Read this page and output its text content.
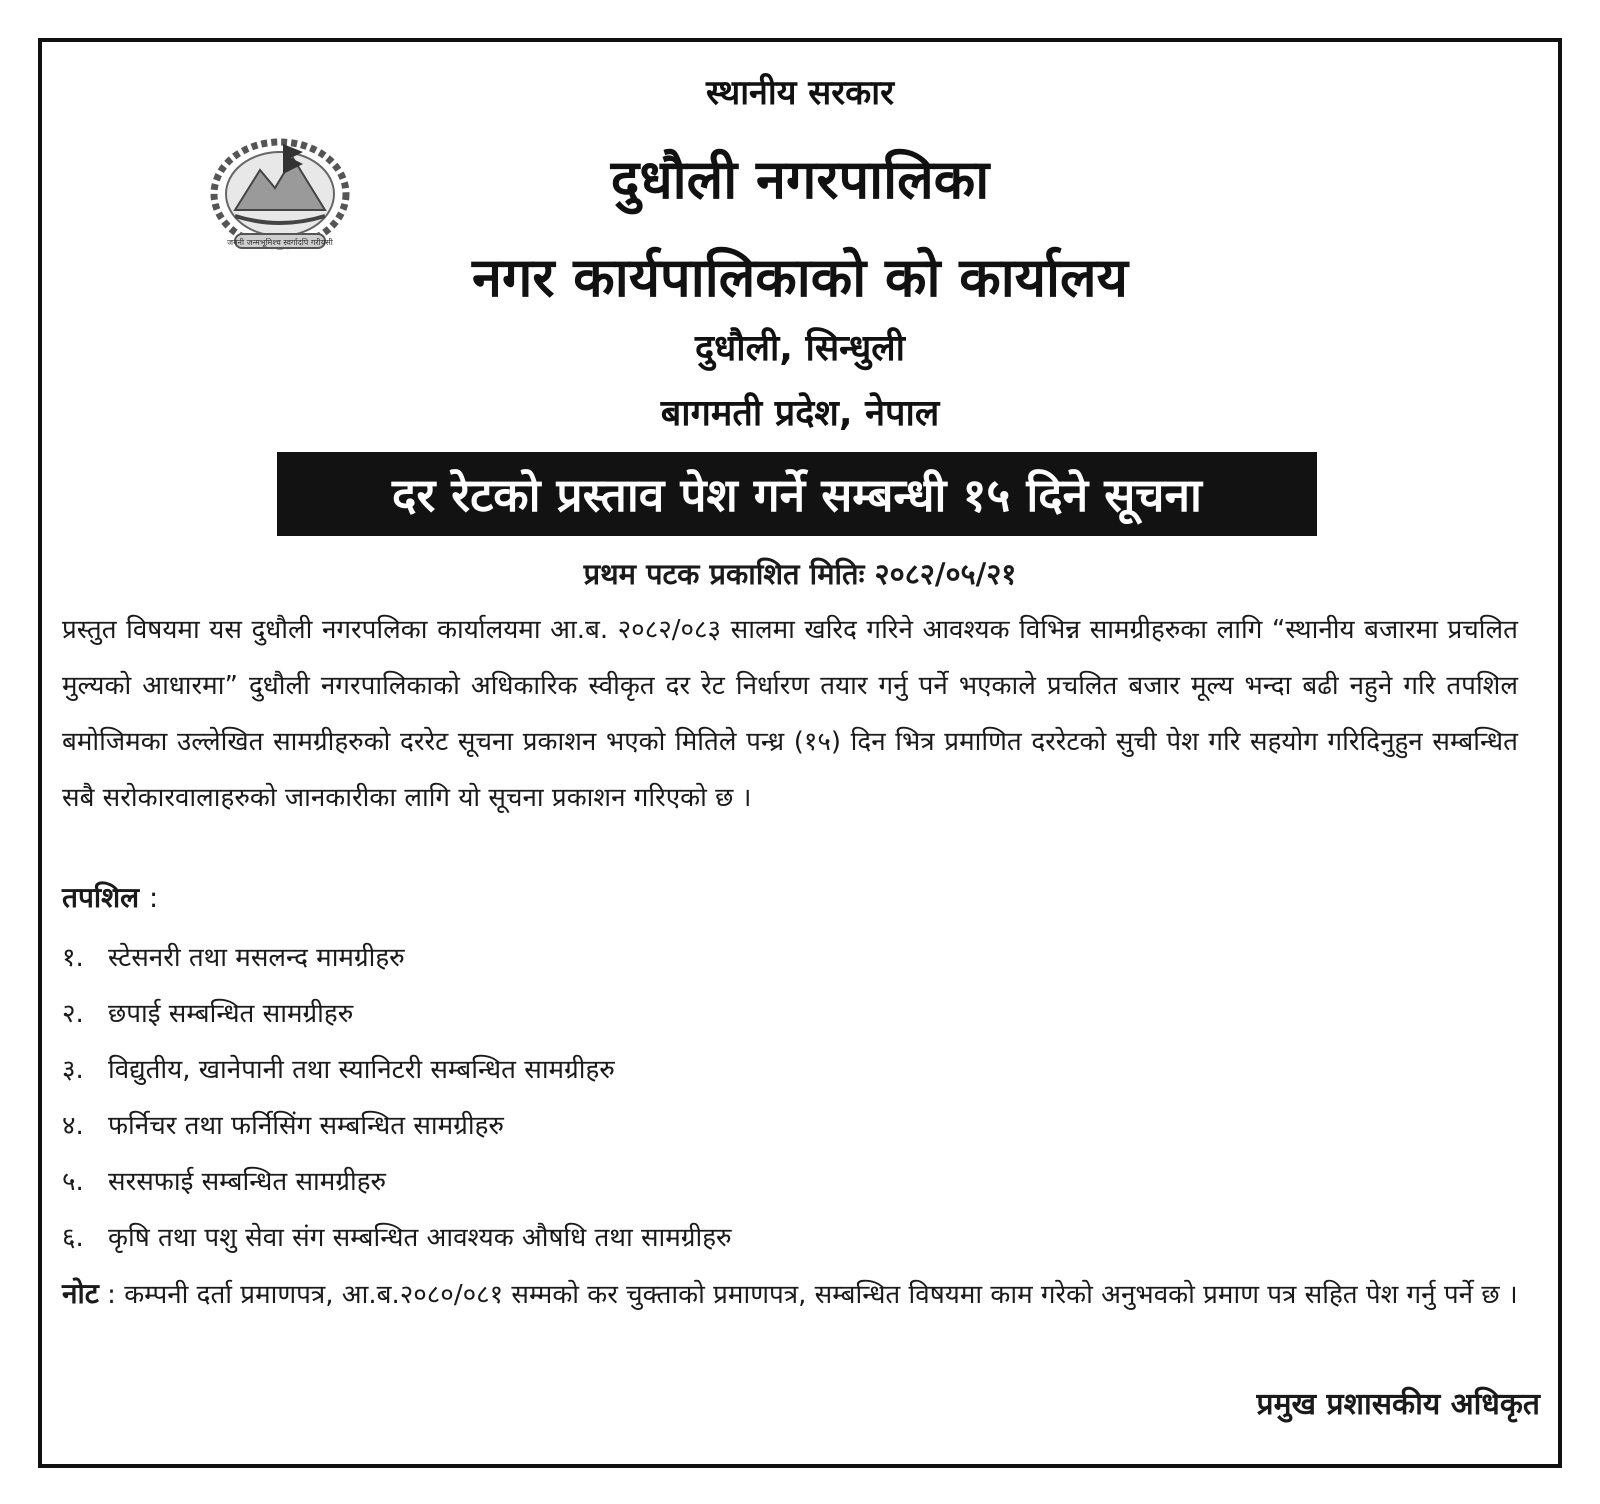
जननी जन्मभूमिश्च स्वर्गादपि गरीयसी
स्थानीय सरकार
दुधौली नगरपालिका
नगर कार्यपालिकाको को कार्यालय
दुधौली, सिन्धुली
बागमती प्रदेश, नेपाल
दर रेटको प्रस्ताव पेश गर्ने सम्बन्धी १५ दिने सूचना
प्रथम पटक प्रकाशित मितिः २०८२/०५/२१
प्रस्तुत विषयमा यस दुधौली नगरपलिका कार्यालयमा आ.ब. २०८२/०८३ सालमा खरिद गरिने आवश्यक विभिन्न सामग्रीहरुका लागि “स्थानीय बजारमा प्रचलित मुल्यको आधारमा” दुधौली नगरपालिकाको अधिकारिक स्वीकृत दर रेट निर्धारण तयार गर्नु पर्ने भएकाले प्रचलित बजार मूल्य भन्दा बढी नहुने गरि तपशिल बमोजिमका उल्लेखित सामग्रीहरुको दररेट सूचना प्रकाशन भएको मितिले पन्ध्र (१५) दिन भित्र प्रमाणित दररेटको सुची पेश गरि सहयोग गरिदिनुहुन सम्बन्धित सबै सरोकारवालाहरुको जानकारीका लागि यो सूचना प्रकाशन गरिएको छ ।
तपशिल :
१. स्टेसनरी तथा मसलन्द मामग्रीहरु
२. छपाई सम्बन्धित सामग्रीहरु
३. विद्युतीय, खानेपानी तथा स्यानिटरी सम्बन्धित सामग्रीहरु
४. फर्निचर तथा फर्निसिंग सम्बन्धित सामग्रीहरु
५. सरसफाई सम्बन्धित सामग्रीहरु
६. कृषि तथा पशु सेवा संग सम्बन्धित आवश्यक औषधि तथा सामग्रीहरु
नोट : कम्पनी दर्ता प्रमाणपत्र, आ.ब.२०८०/०८१ सम्मको कर चुक्ताको प्रमाणपत्र, सम्बन्धित विषयमा काम गरेको अनुभवको प्रमाण पत्र सहित पेश गर्नु पर्ने छ ।
प्रमुख प्रशासकीय अधिकृत
